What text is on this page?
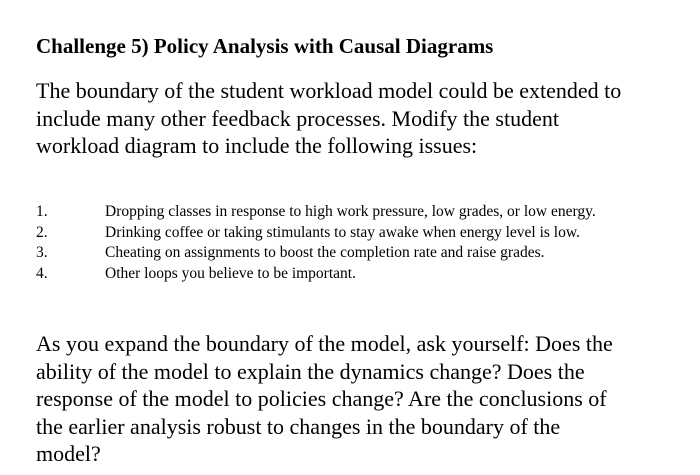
Challenge 5) Policy Analysis with Causal Diagrams
The boundary of the student workload model could be extended to
include many other feedback processes. Modify the student
workload diagram to include the following issues:
1.	Dropping classes in response to high work pressure, low grades, or low energy.
2.	Drinking coffee or taking stimulants to stay awake when energy level is low.
3.	Cheating on assignments to boost the completion rate and raise grades.
4.	Other loops you believe to be important.
As you expand the boundary of the model, ask yourself: Does the
ability of the model to explain the dynamics change? Does the
response of the model to policies change? Are the conclusions of
the earlier analysis robust to changes in the boundary of the
model?
